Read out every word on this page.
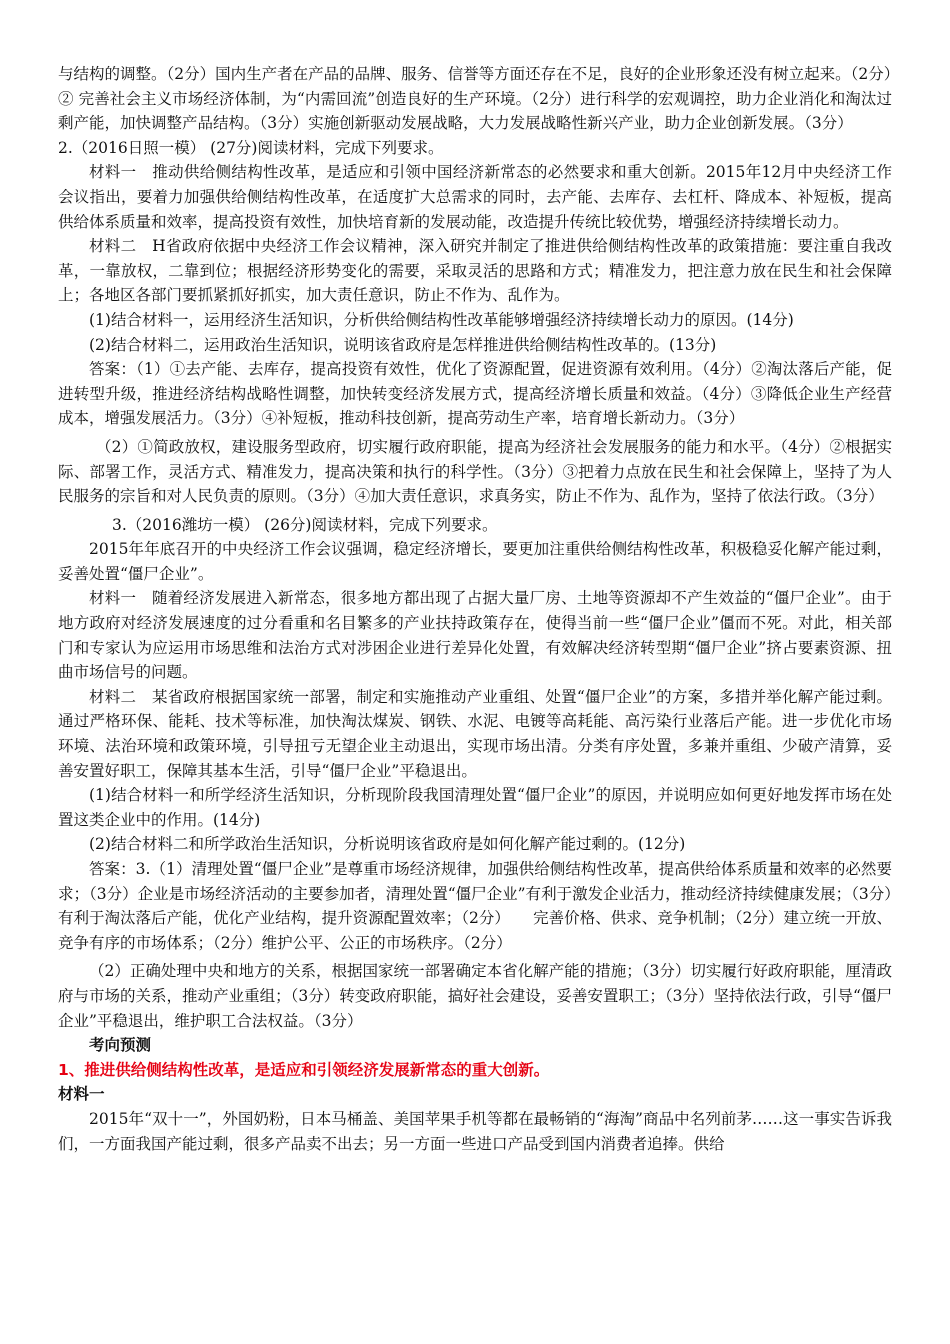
与结构的调整。（2分）国内生产者在产品的品牌、服务、信誉等方面还存在不足，良好的企业形象还没有树立起来。（2分）

② 完善社会主义市场经济体制，为“内需回流”创造良好的生产环境。（2分）进行科学的宏观调控，助力企业消化和淘汰过剩产能，加快调整产品结构。（3分）实施创新驱动发展战略，大力发展战略性新兴产业，助力企业创新发展。（3分）

2.（2016日照一模） (27分)阅读材料，完成下列要求。

材料一　推动供给侧结构性改革，是适应和引领中国经济新常态的必然要求和重大创新。2015年12月中央经济工作会议指出，要着力加强供给侧结构性改革，在适度扩大总需求的同时，去产能、去库存、去杠杆、降成本、补短板，提高供给体系质量和效率，提高投资有效性，加快培育新的发展动能，改造提升传统比较优势，增强经济持续增长动力。

材料二　H省政府依据中央经济工作会议精神，深入研究并制定了推进供给侧结构性改革的政策措施：要注重自我改革，一靠放权，二靠到位；根据经济形势变化的需要，采取灵活的思路和方式；精准发力，把注意力放在民生和社会保障上；各地区各部门要抓紧抓好抓实，加大责任意识，防止不作为、乱作为。

(1)结合材料一，运用经济生活知识，分析供给侧结构性改革能够增强经济持续增长动力的原因。(14分)

(2)结合材料二，运用政治生活知识，说明该省政府是怎样推进供给侧结构性改革的。(13分)

答案：（1）①去产能、去库存，提高投资有效性，优化了资源配置，促进资源有效利用。（4分）②淘汰落后产能，促进转型升级，推进经济结构战略性调整，加快转变经济发展方式，提高经济增长质量和效益。（4分）③降低企业生产经营成本，增强发展活力。（3分）④补短板，推动科技创新，提高劳动生产率，培育增长新动力。（3分）

（2）①简政放权，建设服务型政府，切实履行政府职能，提高为经济社会发展服务的能力和水平。（4分）②根据实际、部署工作，灵活方式、精准发力，提高决策和执行的科学性。（3分）③把着力点放在民生和社会保障上，坚持了为人民服务的宗旨和对人民负责的原则。（3分）④加大责任意识，求真务实，防止不作为、乱作为，坚持了依法行政。（3分）

3.（2016潍坊一模） (26分)阅读材料，完成下列要求。

2015年年底召开的中央经济工作会议强调，稳定经济增长，要更加注重供给侧结构性改革，积极稳妥化解产能过剩，妥善处置“僵尸企业”。

材料一　随着经济发展进入新常态，很多地方都出现了占据大量厂房、土地等资源却不产生效益的“僵尸企业”。由于地方政府对经济发展速度的过分看重和名目繁多的产业扶持政策存在，使得当前一些“僵尸企业”僵而不死。对此，相关部门和专家认为应运用市场思维和法治方式对涉困企业进行差异化处置，有效解决经济转型期“僵尸企业”挤占要素资源、扭曲市场信号的问题。

材料二　某省政府根据国家统一部署，制定和实施推动产业重组、处置“僵尸企业”的方案，多措并举化解产能过剩。通过严格环保、能耗、技术等标准，加快淘汰煤炭、钢铁、水泥、电镀等高耗能、高污染行业落后产能。进一步优化市场环境、法治环境和政策环境，引导扭亏无望企业主动退出，实现市场出清。分类有序处置，多兼并重组、少破产清算，妥善安置好职工，保障其基本生活，引导“僵尸企业”平稳退出。

(1)结合材料一和所学经济生活知识，分析现阶段我国清理处置“僵尸企业”的原因，并说明应如何更好地发挥市场在处置这类企业中的作用。(14分)

(2)结合材料二和所学政治生活知识，分析说明该省政府是如何化解产能过剩的。(12分)

答案：3.（1）清理处置“僵尸企业”是尊重市场经济规律，加强供给侧结构性改革，提高供给体系质量和效率的必然要求；（3分）企业是市场经济活动的主要参加者，清理处置“僵尸企业”有利于激发企业活力，推动经济持续健康发展；（3分）有利于淘汰落后产能，优化产业结构，提升资源配置效率；（2分）　　完善价格、供求、竞争机制；（2分）建立统一开放、竞争有序的市场体系；（2分）维护公平、公正的市场秩序。（2分）

（2）正确处理中央和地方的关系，根据国家统一部署确定本省化解产能的措施；（3分）切实履行好政府职能，厘清政府与市场的关系，推动产业重组；（3分）转变政府职能，搞好社会建设，妥善安置职工；（3分）坚持依法行政，引导“僵尸企业”平稳退出，维护职工合法权益。（3分）

考向预测

1、推进供给侧结构性改革，是适应和引领经济发展新常态的重大创新。

材料一

2015年“双十一”，外国奶粉，日本马桶盖、美国苹果手机等都在最畅销的“海淘”商品中名列前茅……这一事实告诉我们，一方面我国产能过剩，很多产品卖不出去；另一方面一些进口产品受到国内消费者追捧。供给
